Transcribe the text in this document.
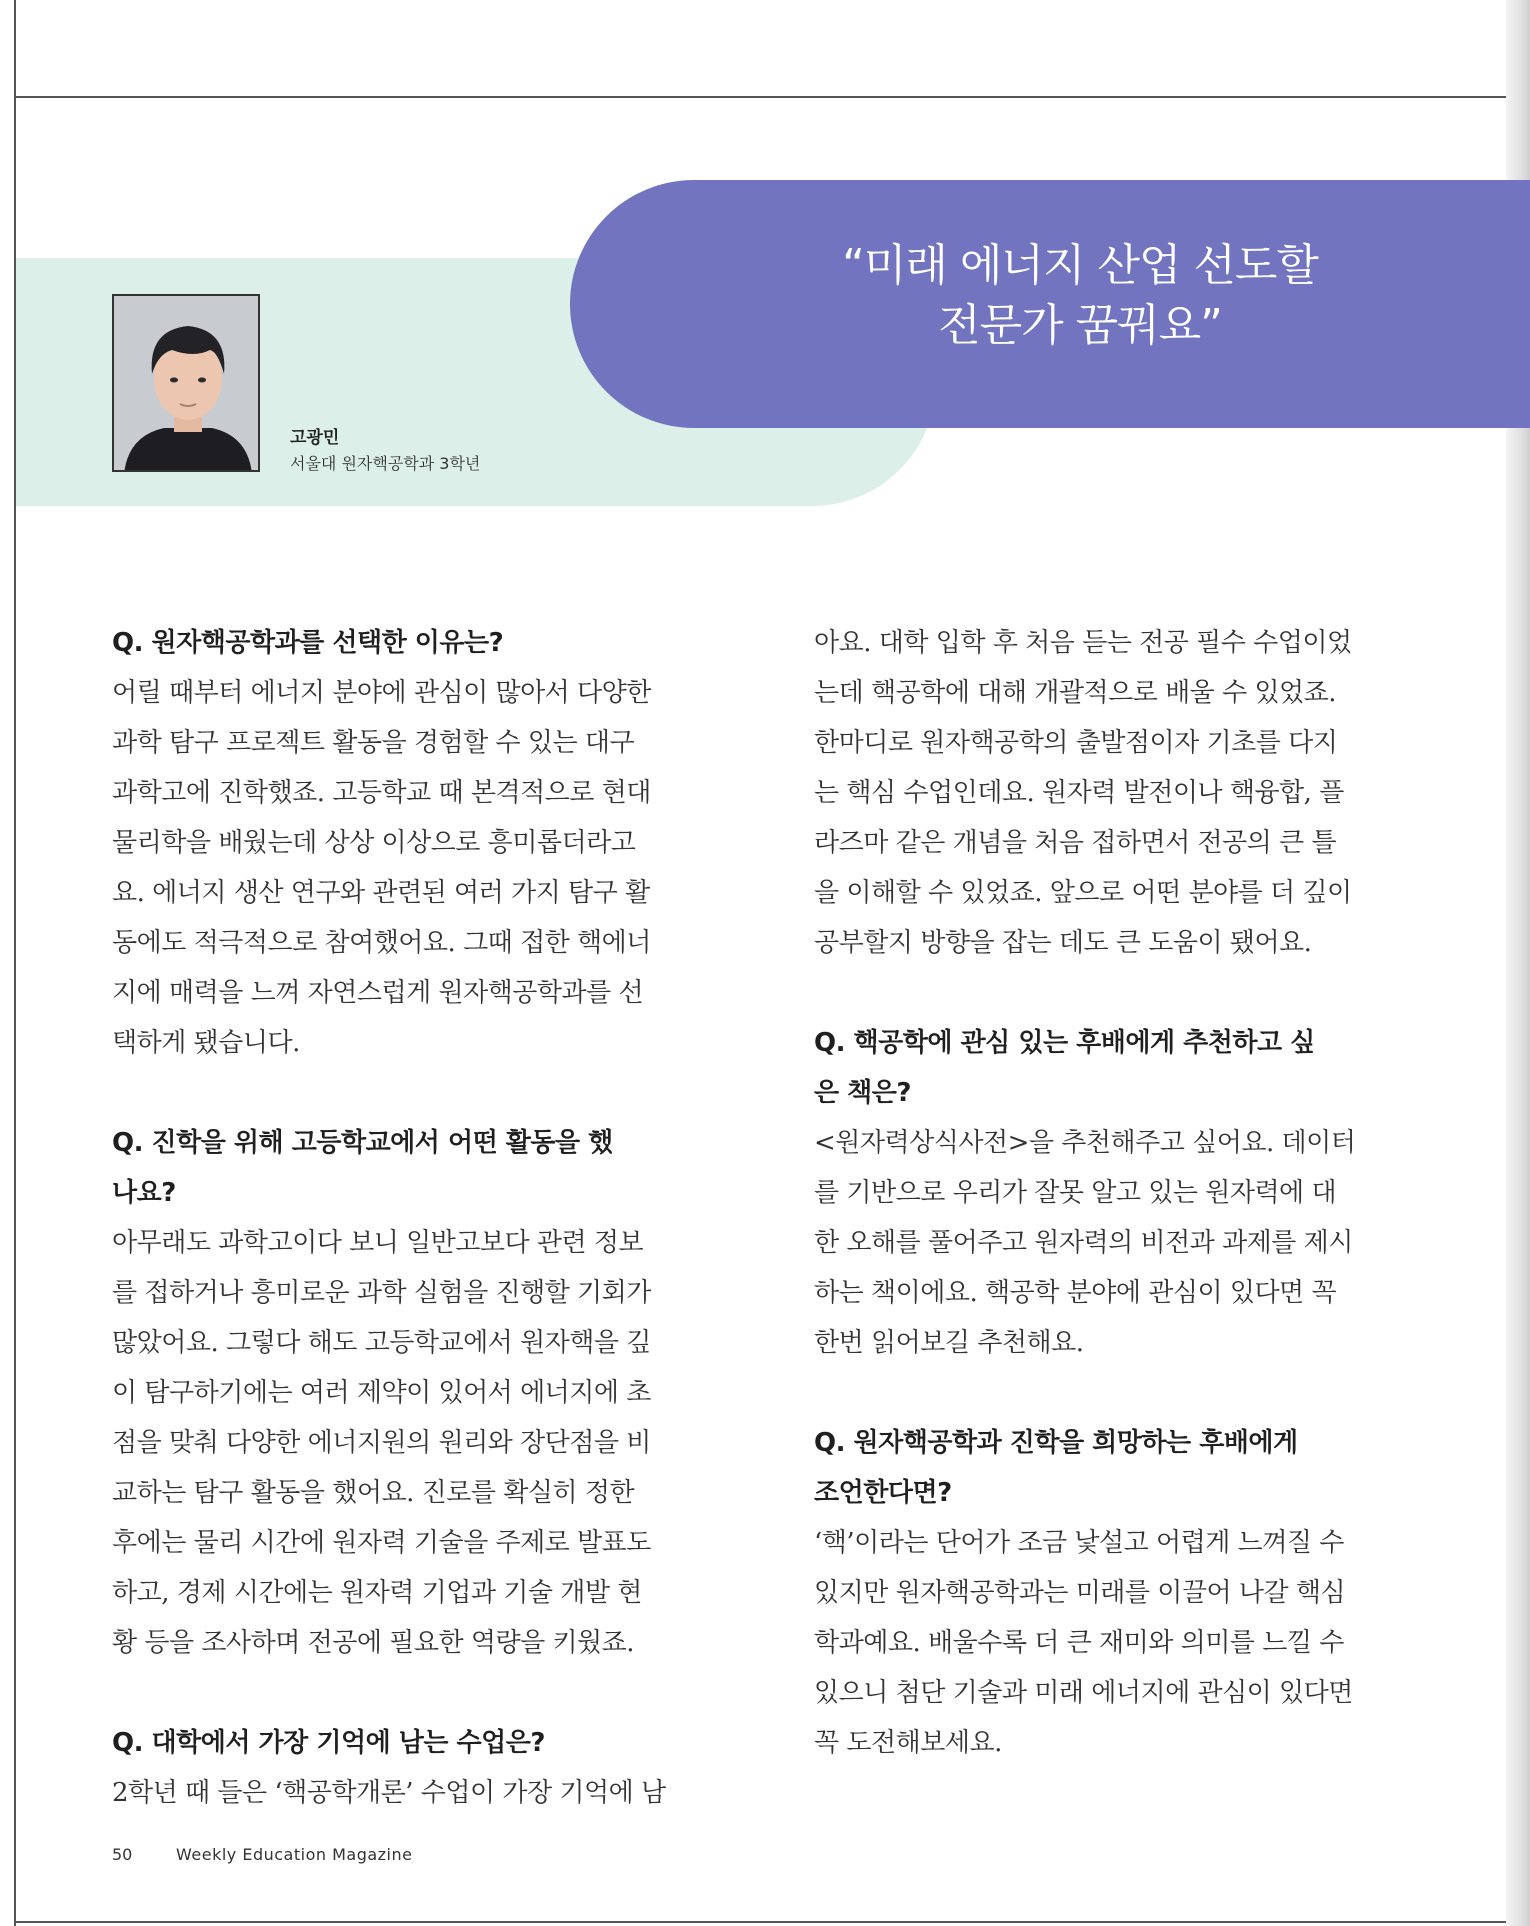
“미래 에너지 산업 선도할
전문가 꿈꿔요”
고광민
서울대 원자핵공학과 3학년
Q. 원자핵공학과를 선택한 이유는?
어릴 때부터 에너지 분야에 관심이 많아서 다양한
과학 탐구 프로젝트 활동을 경험할 수 있는 대구
과학고에 진학했죠. 고등학교 때 본격적으로 현대
물리학을 배웠는데 상상 이상으로 흥미롭더라고
요. 에너지 생산 연구와 관련된 여러 가지 탐구 활
동에도 적극적으로 참여했어요. 그때 접한 핵에너
지에 매력을 느껴 자연스럽게 원자핵공학과를 선
택하게 됐습니다.
Q. 진학을 위해 고등학교에서 어떤 활동을 했
나요?
아무래도 과학고이다 보니 일반고보다 관련 정보
를 접하거나 흥미로운 과학 실험을 진행할 기회가
많았어요. 그렇다 해도 고등학교에서 원자핵을 깊
이 탐구하기에는 여러 제약이 있어서 에너지에 초
점을 맞춰 다양한 에너지원의 원리와 장단점을 비
교하는 탐구 활동을 했어요. 진로를 확실히 정한
후에는 물리 시간에 원자력 기술을 주제로 발표도
하고, 경제 시간에는 원자력 기업과 기술 개발 현
황 등을 조사하며 전공에 필요한 역량을 키웠죠.
Q. 대학에서 가장 기억에 남는 수업은?
2학년 때 들은 ‘핵공학개론’ 수업이 가장 기억에 남
아요. 대학 입학 후 처음 듣는 전공 필수 수업이었
는데 핵공학에 대해 개괄적으로 배울 수 있었죠.
한마디로 원자핵공학의 출발점이자 기초를 다지
는 핵심 수업인데요. 원자력 발전이나 핵융합, 플
라즈마 같은 개념을 처음 접하면서 전공의 큰 틀
을 이해할 수 있었죠. 앞으로 어떤 분야를 더 깊이
공부할지 방향을 잡는 데도 큰 도움이 됐어요.
Q. 핵공학에 관심 있는 후배에게 추천하고 싶
은 책은?
<원자력상식사전>을 추천해주고 싶어요. 데이터
를 기반으로 우리가 잘못 알고 있는 원자력에 대
한 오해를 풀어주고 원자력의 비전과 과제를 제시
하는 책이에요. 핵공학 분야에 관심이 있다면 꼭
한번 읽어보길 추천해요.
Q. 원자핵공학과 진학을 희망하는 후배에게
조언한다면?
‘핵’이라는 단어가 조금 낯설고 어렵게 느껴질 수
있지만 원자핵공학과는 미래를 이끌어 나갈 핵심
학과예요. 배울수록 더 큰 재미와 의미를 느낄 수
있으니 첨단 기술과 미래 에너지에 관심이 있다면
꼭 도전해보세요.
50	Weekly Education Magazine
